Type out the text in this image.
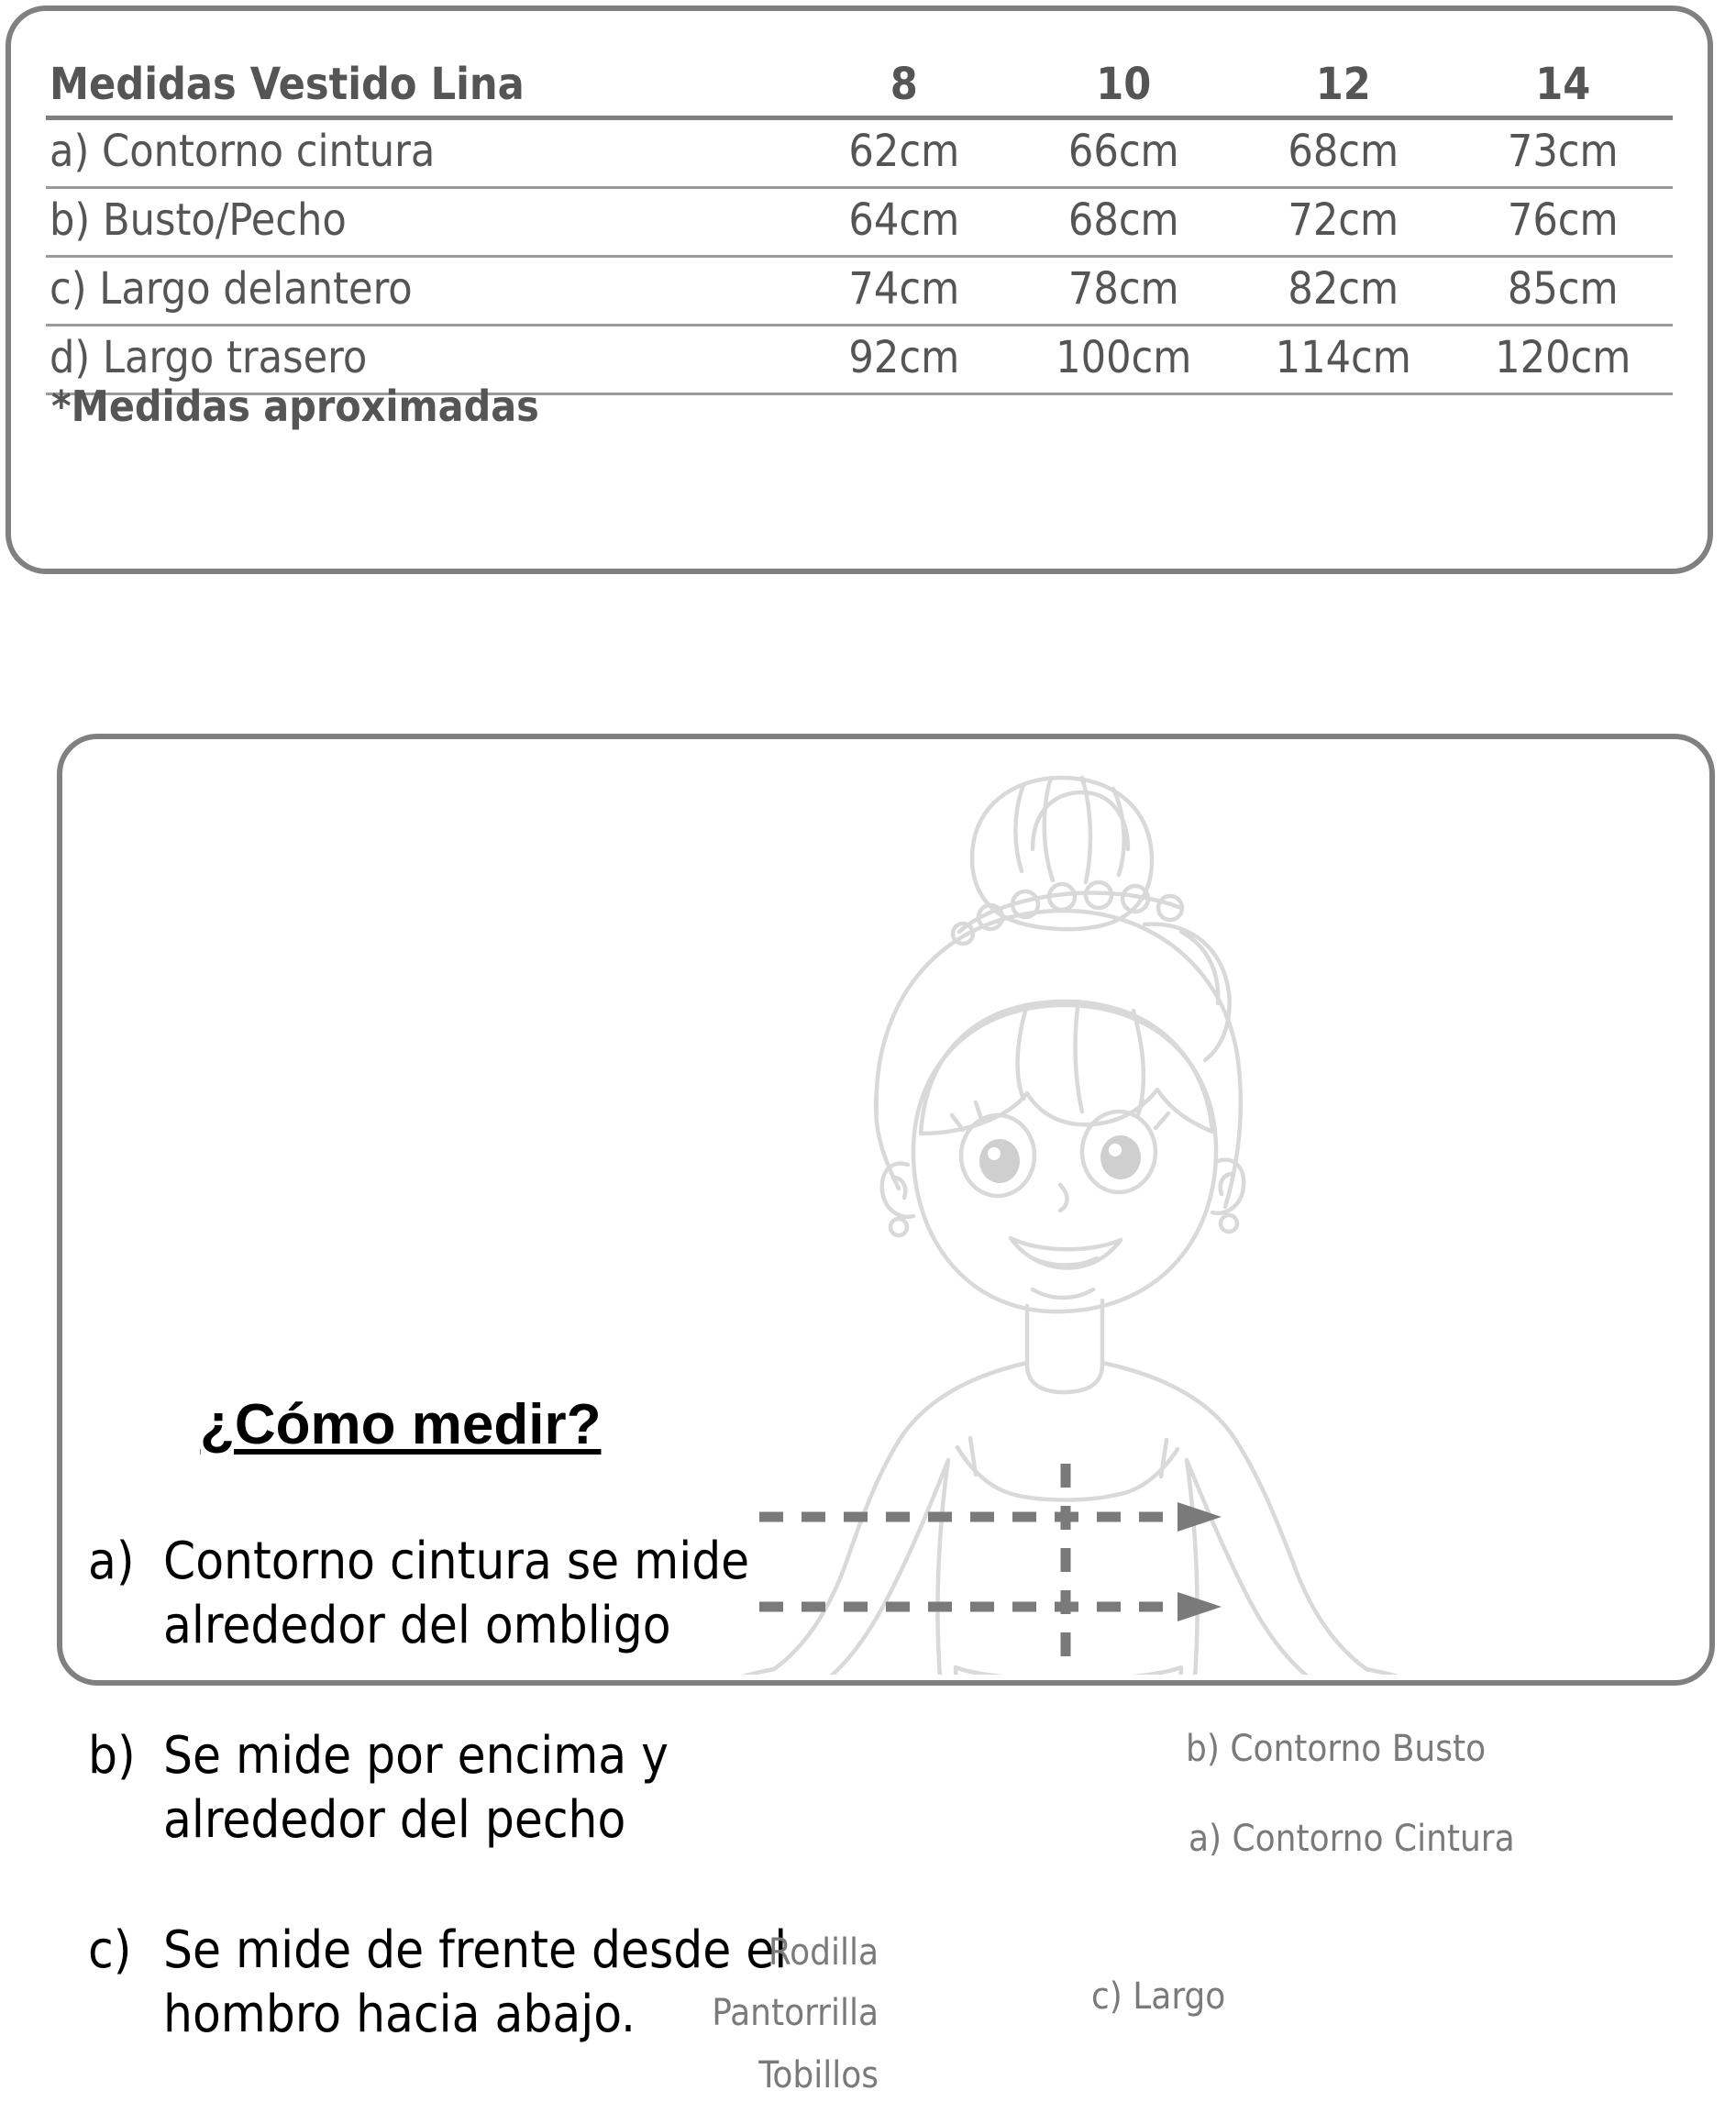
Medidas Vestido Lina	8	10	12	14
a) Contorno cintura	62cm	66cm	68cm	73cm
b) Busto/Pecho	64cm	68cm	72cm	76cm
c) Largo delantero	74cm	78cm	82cm	85cm
d) Largo trasero	92cm	100cm	114cm	120cm
*Medidas aproximadas
¿Cómo medir?
a) Contorno cintura se mide alrededor del ombligo
b) Se mide por encima y alrededor del pecho
c) Se mide de frente desde el hombro hacia abajo.
b) Contorno Busto
a) Contorno Cintura
c) Largo
Rodilla
Pantorrilla
Tobillos
